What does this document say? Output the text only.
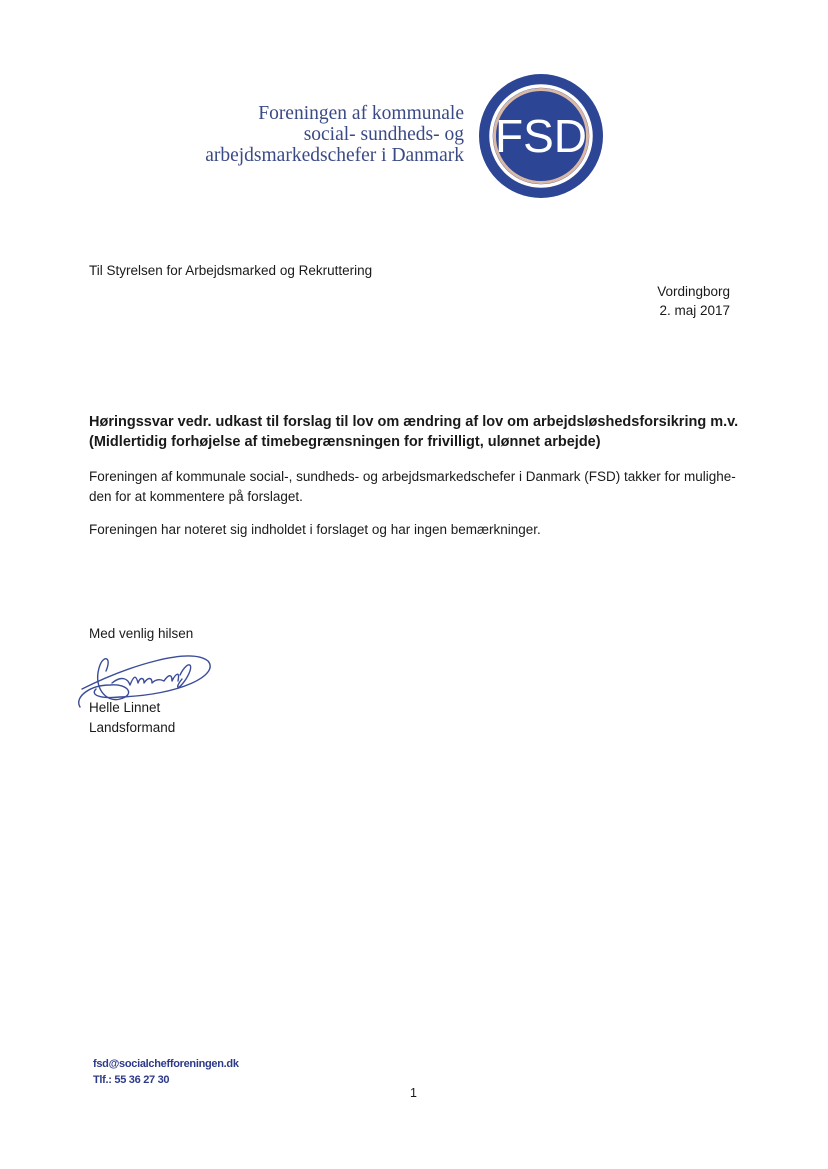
Foreningen af kommunale
social- sundheds- og
arbejdsmarkedschefer i Danmark FSD
Til Styrelsen for Arbejdsmarked og Rekruttering
Vordingborg
2. maj 2017
Høringssvar vedr. udkast til forslag til lov om ændring af lov om arbejdsløshedsforsikring m.v.
(Midlertidig forhøjelse af timebegrænsningen for frivilligt, ulønnet arbejde)
Foreningen af kommunale social-, sundheds- og arbejdsmarkedschefer i Danmark (FSD) takker for mulighe-
den for at kommentere på forslaget.
Foreningen har noteret sig indholdet i forslaget og har ingen bemærkninger.
Med venlig hilsen
Helle Linnet
Landsformand
fsd@socialchefforeningen.dk
Tlf.: 55 36 27 30
1
